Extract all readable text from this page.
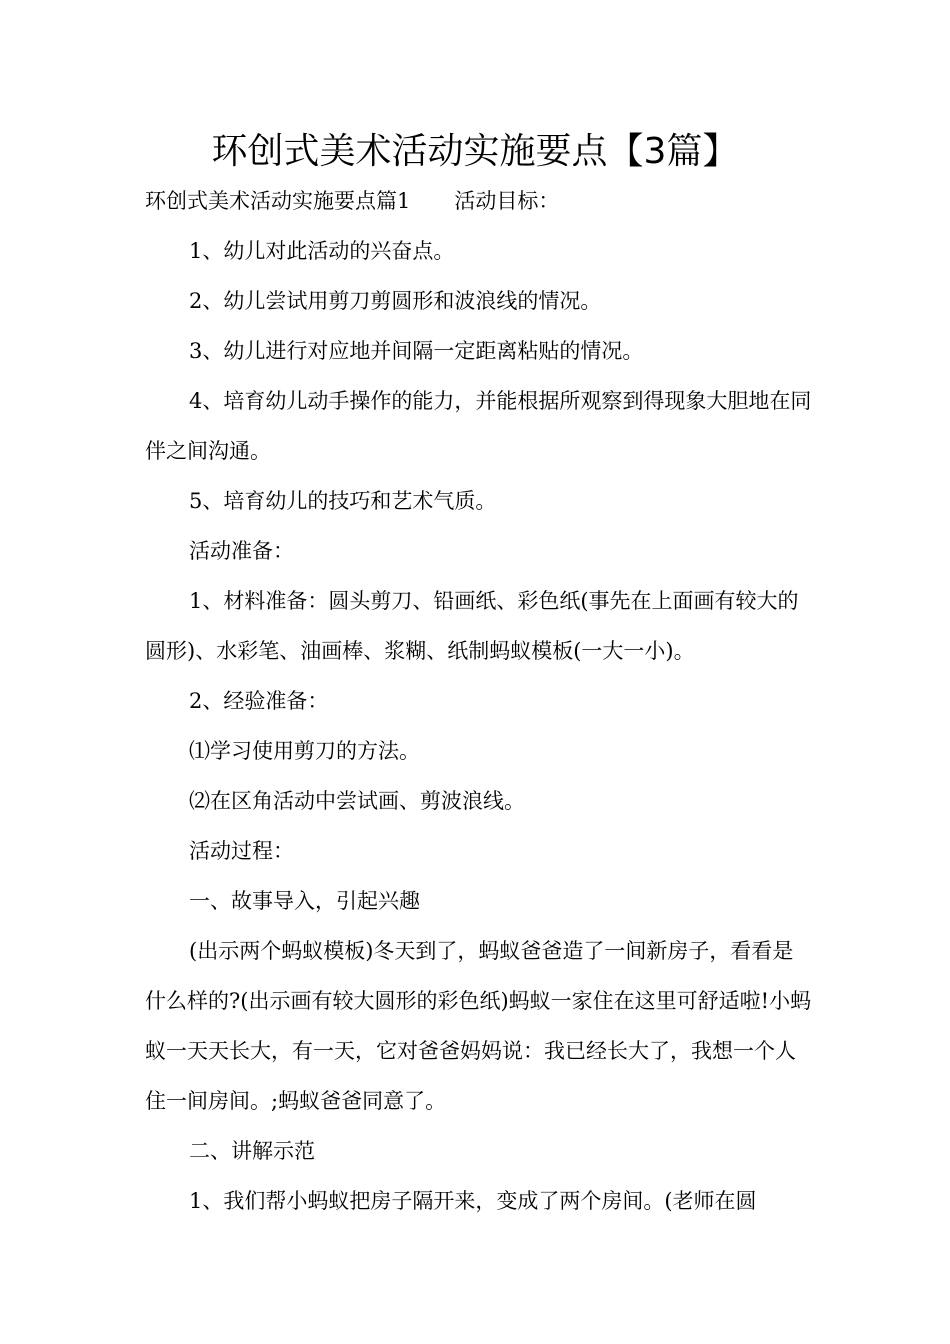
环创式美术活动实施要点【3篇】

环创式美术活动实施要点篇1 活动目标：

1、幼儿对此活动的兴奋点。

2、幼儿尝试用剪刀剪圆形和波浪线的情况。

3、幼儿进行对应地并间隔一定距离粘贴的情况。

4、培育幼儿动手操作的能力，并能根据所观察到得现象大胆地在同伴之间沟通。

5、培育幼儿的技巧和艺术气质。

活动准备：

1、材料准备：圆头剪刀、铅画纸、彩色纸(事先在上面画有较大的圆形)、水彩笔、油画棒、浆糊、纸制蚂蚁模板(一大一小)。

2、经验准备：

⑴学习使用剪刀的方法。

⑵在区角活动中尝试画、剪波浪线。

活动过程：

一、故事导入，引起兴趣

(出示两个蚂蚁模板)冬天到了，蚂蚁爸爸造了一间新房子，看看是什么样的?(出示画有较大圆形的彩色纸)蚂蚁一家住在这里可舒适啦!小蚂蚁一天天长大，有一天，它对爸爸妈妈说：我已经长大了，我想一个人住一间房间。;蚂蚁爸爸同意了。

二、讲解示范

1、我们帮小蚂蚁把房子隔开来，变成了两个房间。(老师在圆
